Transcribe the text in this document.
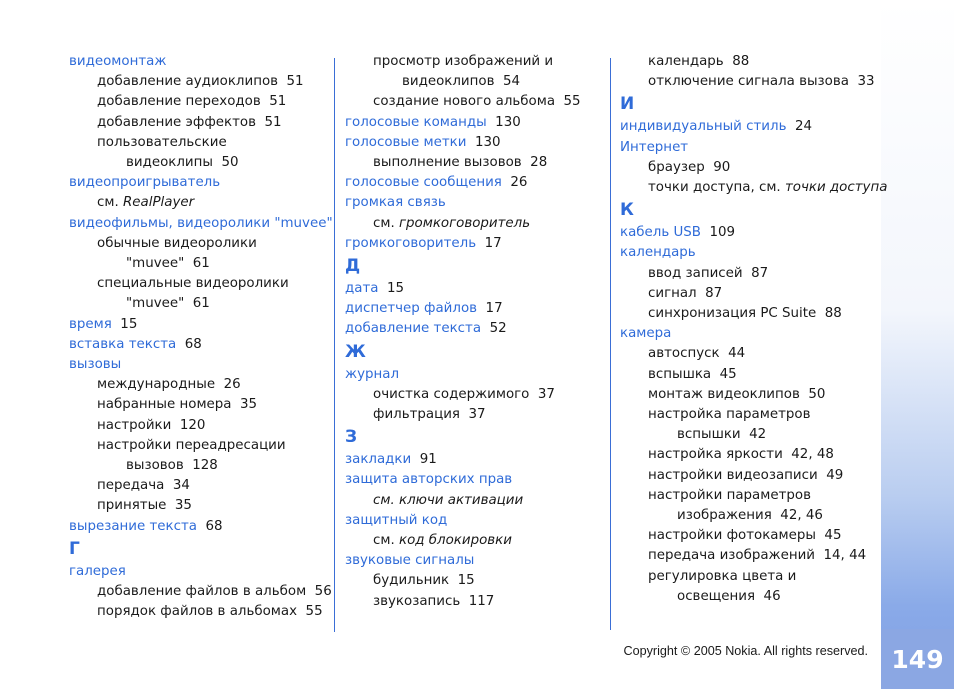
149
видеомонтаж
добавление аудиоклипов  51
добавление переходов  51
добавление эффектов  51
пользовательские
видеоклипы  50
видеопроигрыватель
см. RealPlayer
видеофильмы, видеоролики "muvee"
обычные видеоролики
"muvee"  61
специальные видеоролики
"muvee"  61
время  15
вставка текста  68
вызовы
международные  26
набранные номера  35
настройки  120
настройки переадресации
вызовов  128
передача  34
принятые  35
вырезание текста  68
Г
галерея
добавление файлов в альбом  56
порядок файлов в альбомах  55
просмотр изображений и
видеоклипов  54
создание нового альбома  55
голосовые команды  130
голосовые метки  130
выполнение вызовов  28
голосовые сообщения  26
громкая связь
см. громкоговоритель
громкоговоритель  17
Д
дата  15
диспетчер файлов  17
добавление текста  52
Ж
журнал
очистка содержимого  37
фильтрация  37
З
закладки  91
защита авторских прав
см. ключи активации
защитный код
см. код блокировки
звуковые сигналы
будильник  15
звукозапись  117
календарь  88
отключение сигнала вызова  33
И
индивидуальный стиль  24
Интернет
браузер  90
точки доступа, см. точки доступа
К
кабель USB  109
календарь
ввод записей  87
сигнал  87
синхронизация PC Suite  88
камера
автоспуск  44
вспышка  45
монтаж видеоклипов  50
настройка параметров
вспышки  42
настройка яркости  42, 48
настройки видеозаписи  49
настройки параметров
изображения  42, 46
настройки фотокамеры  45
передача изображений  14, 44
регулировка цвета и
освещения  46
Copyright © 2005 Nokia. All rights reserved.
